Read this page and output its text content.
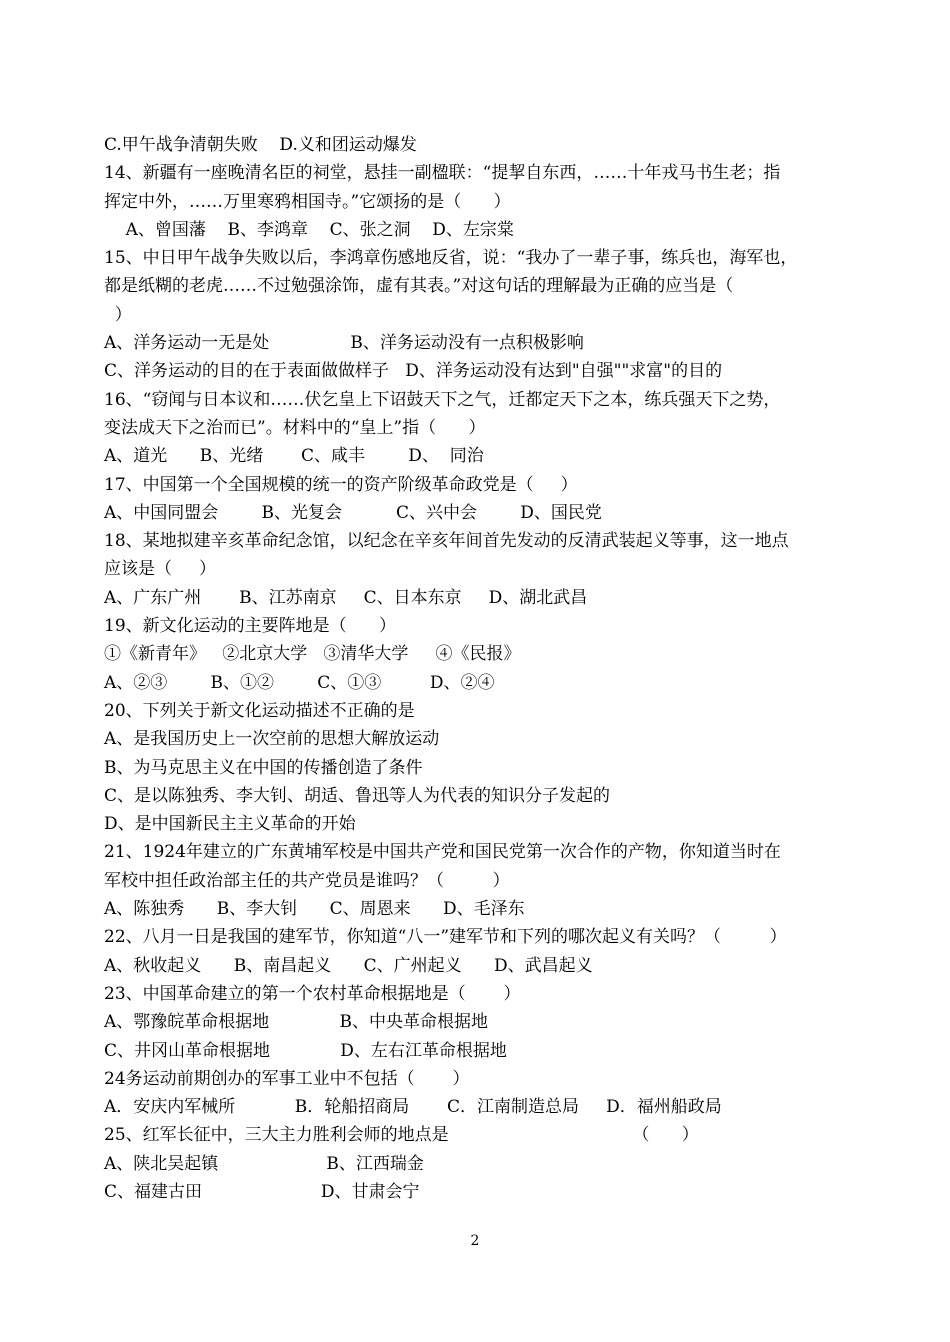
C.甲午战争清朝失败    D.义和团运动爆发
14、新疆有一座晚清名臣的祠堂，悬挂一副楹联：“提挈自东西，……十年戎马书生老；指
挥定中外，……万里寒鸦相国寺。”它颂扬的是（      ）
A、曾国藩    B、李鸿章    C、张之洞    D、左宗棠
15、中日甲午战争失败以后，李鸿章伤感地反省，说：“我办了一辈子事，练兵也，海军也，
都是纸糊的老虎……不过勉强涂饰，虚有其表。”对这句话的理解最为正确的应当是（
）
A、洋务运动一无是处               B、洋务运动没有一点积极影响
C、洋务运动的目的在于表面做做样子   D、洋务运动没有达到"自强""求富"的目的
16、“窃闻与日本议和……伏乞皇上下诏鼓天下之气，迁都定天下之本，练兵强天下之势，
变法成天下之治而已”。材料中的“皇上”指（      ）
A、道光      B、光绪       C、咸丰        D、  同治
17、中国第一个全国规模的统一的资产阶级革命政党是（     ）
A、中国同盟会        B、光复会          C、兴中会        D、国民党
18、某地拟建辛亥革命纪念馆，以纪念在辛亥年间首先发动的反清武装起义等事，这一地点
应该是（     ）
A、广东广州       B、江苏南京     C、日本东京     D、湖北武昌
19、新文化运动的主要阵地是（      ）
①《新青年》   ②北京大学   ③清华大学     ④《民报》
A、②③        B、①②        C、①③         D、②④
20、下列关于新文化运动描述不正确的是
A、是我国历史上一次空前的思想大解放运动
B、为马克思主义在中国的传播创造了条件
C、是以陈独秀、李大钊、胡适、鲁迅等人为代表的知识分子发起的
D、是中国新民主主义革命的开始
21、1924年建立的广东黄埔军校是中国共产党和国民党第一次合作的产物，你知道当时在
军校中担任政治部主任的共产党员是谁吗？（         ）
A、陈独秀      B、李大钊      C、周恩来      D、毛泽东
22、八月一日是我国的建军节，你知道“八一”建军节和下列的哪次起义有关吗？（         ）
A、秋收起义      B、南昌起义      C、广州起义      D、武昌起义
23、中国革命建立的第一个农村革命根据地是（       ）
A、鄂豫皖革命根据地             B、中央革命根据地
C、井冈山革命根据地             D、左右江革命根据地
24务运动前期创办的军事工业中不包括（       ）
A．安庆内军械所           B．轮船招商局       C．江南制造总局     D．福州船政局
25、红军长征中，三大主力胜利会师的地点是                                  （      ）
A、陕北吴起镇                    B、江西瑞金
C、福建古田                      D、甘肃会宁
2
